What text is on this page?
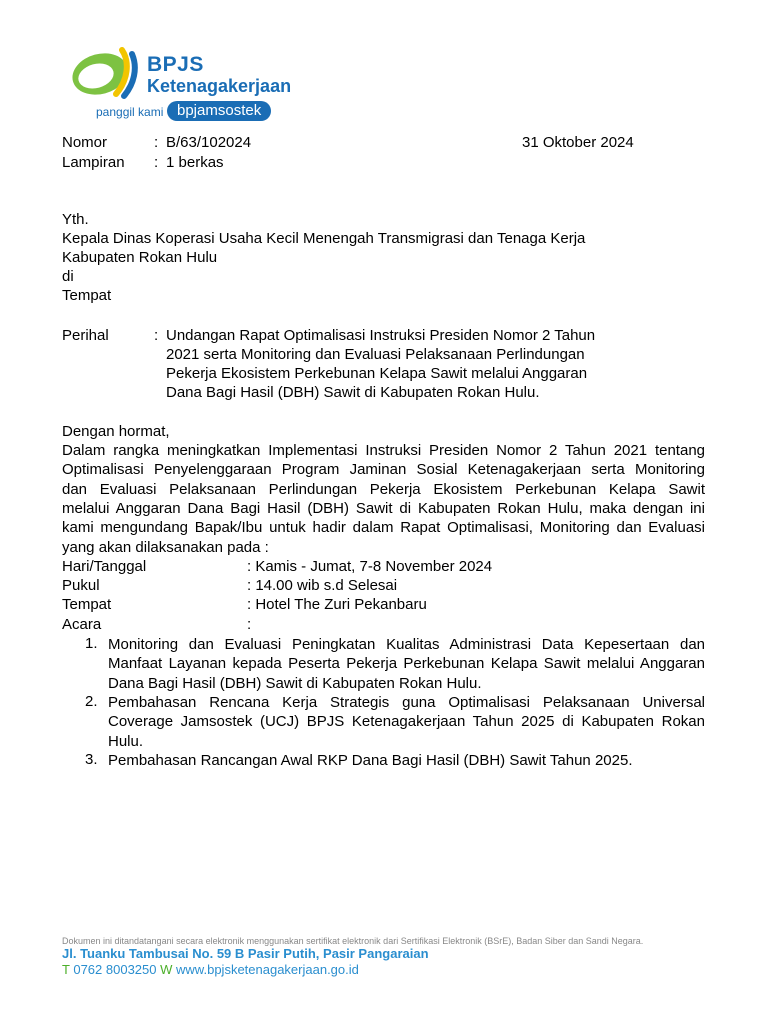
BPJS
Ketenagakerjaan
panggil kami bpjamsostek
Nomor	: B/63/102024	31 Oktober 2024
Lampiran : 1 berkas
Yth.
Kepala Dinas Koperasi Usaha Kecil Menengah Transmigrasi dan Tenaga Kerja
Kabupaten Rokan Hulu
di
Tempat
Perihal	: Undangan Rapat Optimalisasi Instruksi Presiden Nomor 2 Tahun
2021 serta Monitoring dan Evaluasi Pelaksanaan Perlindungan
Pekerja Ekosistem Perkebunan Kelapa Sawit melalui Anggaran
Dana Bagi Hasil (DBH) Sawit di Kabupaten Rokan Hulu.
Dengan hormat,
Dalam rangka meningkatkan Implementasi Instruksi Presiden Nomor 2 Tahun 2021 tentang
Optimalisasi Penyelenggaraan Program Jaminan Sosial Ketenagakerjaan serta Monitoring
dan Evaluasi Pelaksanaan Perlindungan Pekerja Ekosistem Perkebunan Kelapa Sawit
melalui Anggaran Dana Bagi Hasil (DBH) Sawit di Kabupaten Rokan Hulu, maka dengan ini
kami mengundang Bapak/Ibu untuk hadir dalam Rapat Optimalisasi, Monitoring dan Evaluasi
yang akan dilaksanakan pada :
Hari/Tanggal	: Kamis - Jumat, 7-8 November 2024
Pukul	: 14.00 wib s.d Selesai
Tempat	: Hotel The Zuri Pekanbaru
Acara	:
1. Monitoring dan Evaluasi Peningkatan Kualitas Administrasi Data Kepesertaan dan Manfaat Layanan kepada Peserta Pekerja Perkebunan Kelapa Sawit melalui Anggaran Dana Bagi Hasil (DBH) Sawit di Kabupaten Rokan Hulu.
2. Pembahasan Rencana Kerja Strategis guna Optimalisasi Pelaksanaan Universal Coverage Jamsostek (UCJ) BPJS Ketenagakerjaan Tahun 2025 di Kabupaten Rokan Hulu.
3. Pembahasan Rancangan Awal RKP Dana Bagi Hasil (DBH) Sawit Tahun 2025.
Dokumen ini ditandatangani secara elektronik menggunakan sertifikat elektronik dari Sertifikasi Elektronik (BSrE), Badan Siber dan Sandi Negara.
Jl. Tuanku Tambusai No. 59 B Pasir Putih, Pasir Pangaraian
T 0762 8003250 W www.bpjsketenagakerjaan.go.id
